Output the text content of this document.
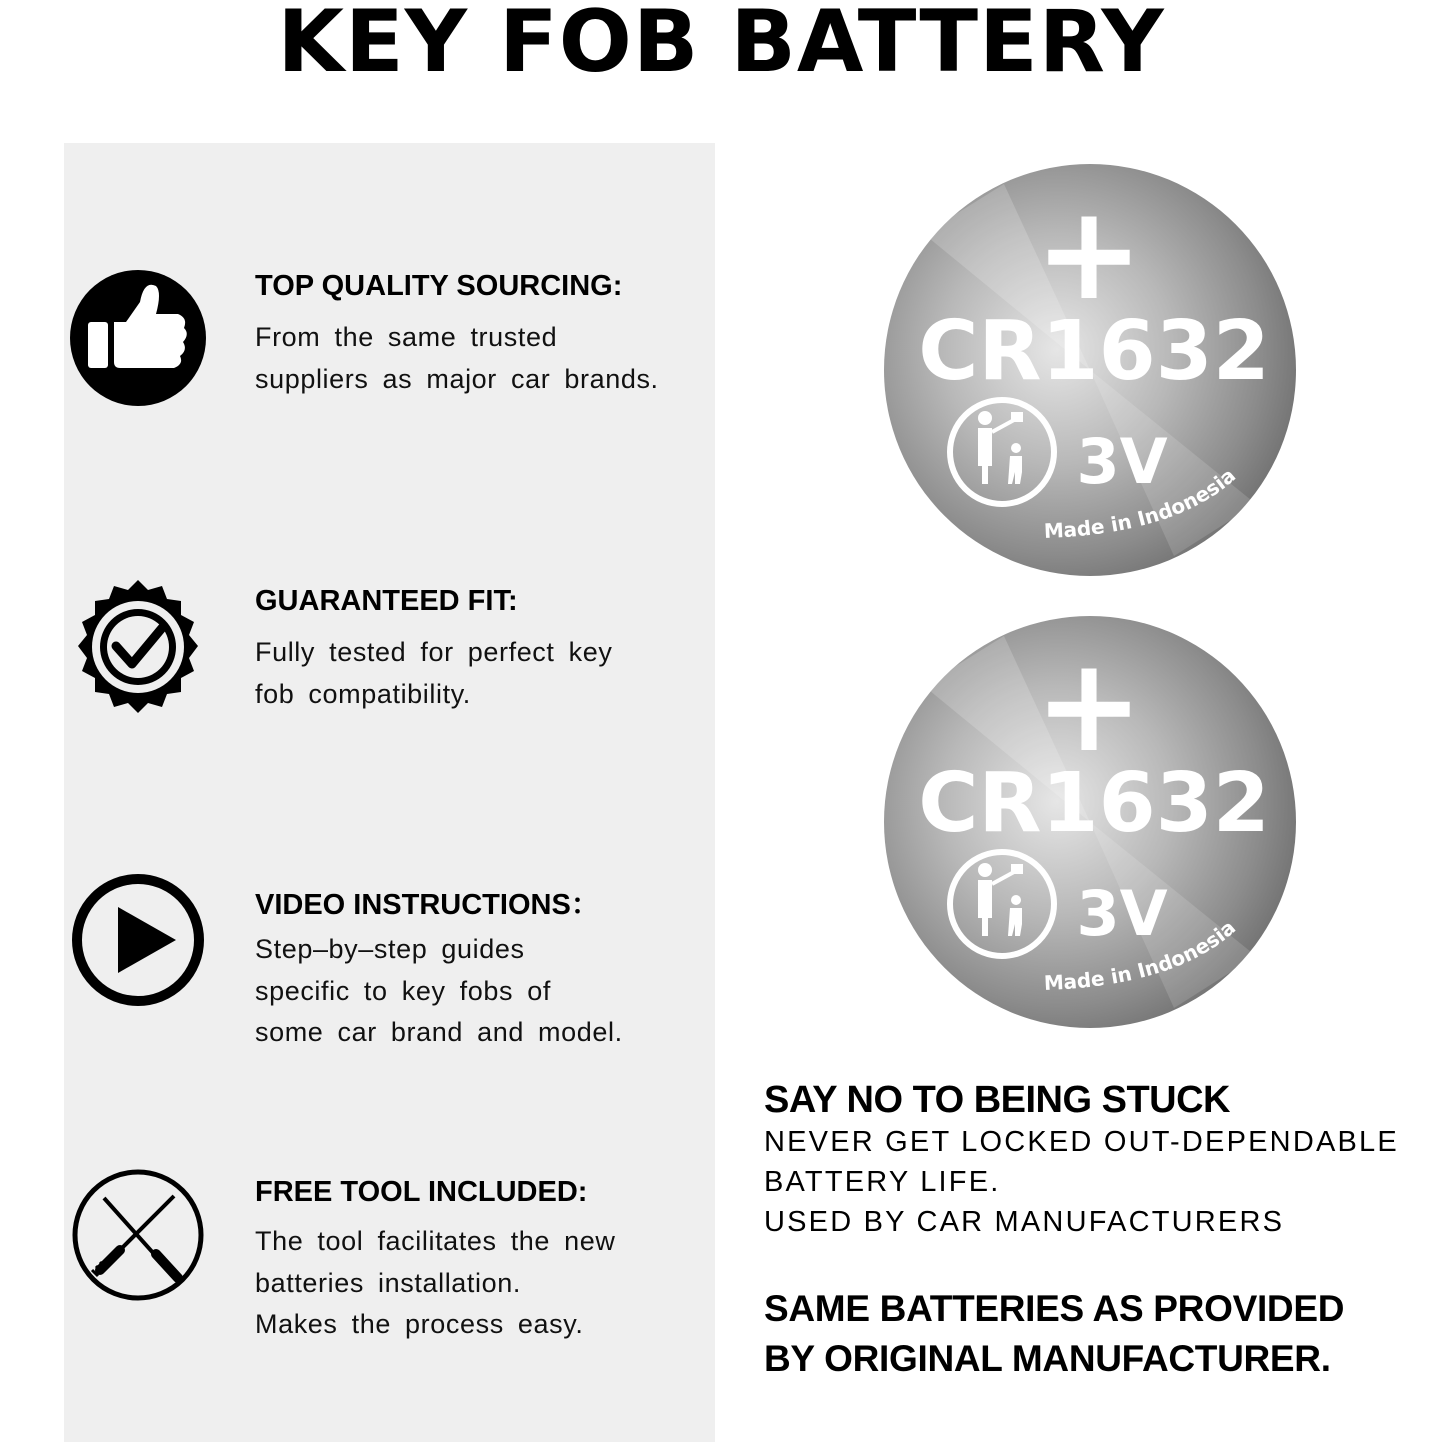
KEY FOB BATTERY
TOP QUALITY SOURCING:
From the same trusted
suppliers as major car brands.
GUARANTEED FIT:
Fully tested for perfect key
fob compatibility.
VIDEO INSTRUCTIONS：
Step–by–step guides
specific to key fobs of
some car brand and model.
FREE TOOL INCLUDED:
The tool facilitates the new
batteries installation.
Makes the process easy.
+
CR1632
3V
Made in Indonesia
+
CR1632
3V
Made in Indonesia
SAY NO TO BEING STUCK
NEVER GET LOCKED OUT-DEPENDABLE
BATTERY LIFE.
USED BY CAR MANUFACTURERS
SAME BATTERIES AS PROVIDED
BY ORIGINAL MANUFACTURER.
